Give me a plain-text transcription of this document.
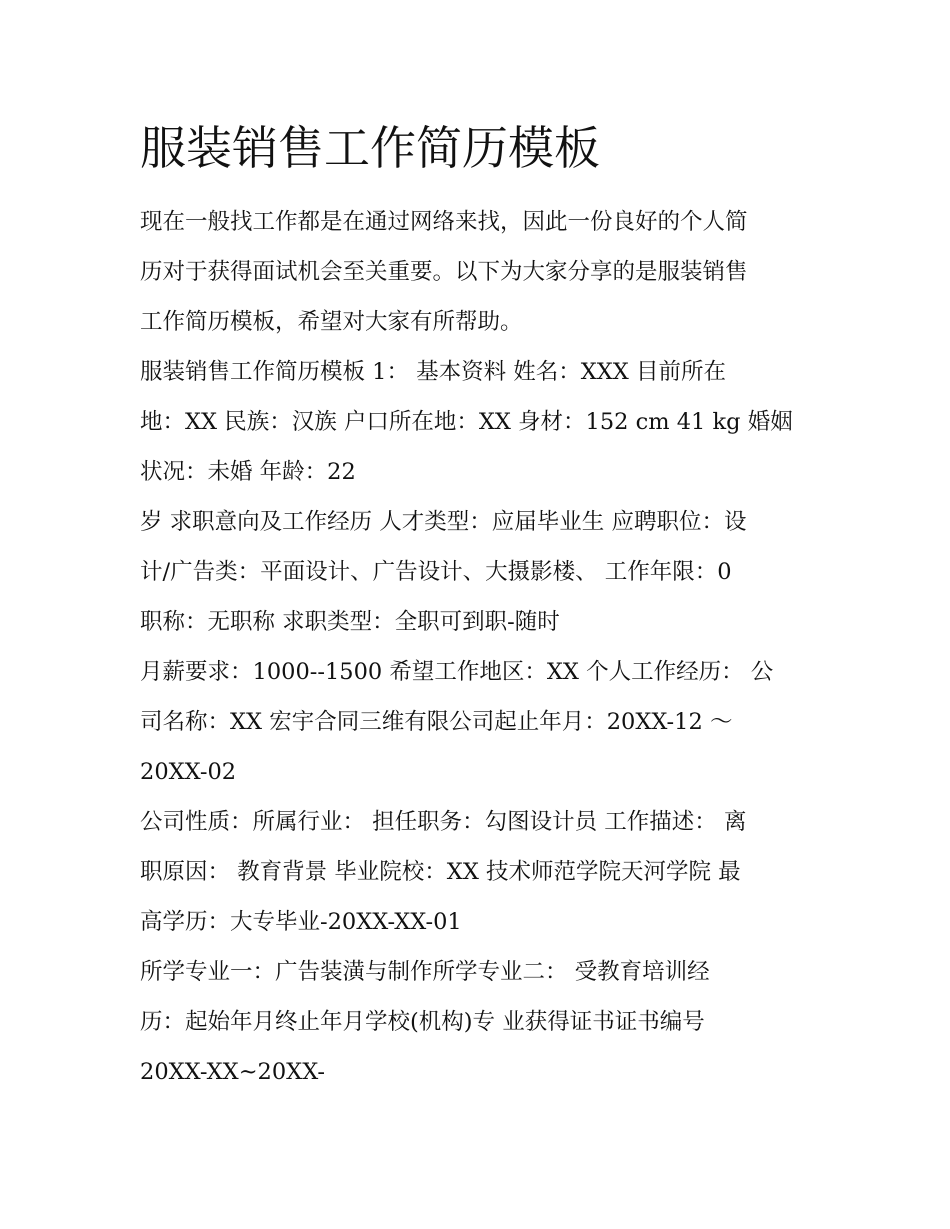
服装销售工作简历模板

现在一般找工作都是在通过网络来找，因此一份良好的个人简

历对于获得面试机会至关重要。以下为大家分享的是服装销售

工作简历模板，希望对大家有所帮助。

服装销售工作简历模板 1： 基本资料 姓名：XXX 目前所在

地：XX 民族：汉族 户口所在地：XX 身材：152 cm 41 kg 婚姻

状况：未婚 年龄：22

岁 求职意向及工作经历 人才类型：应届毕业生 应聘职位：设

计/广告类：平面设计、广告设计、大摄影楼、 工作年限：0

职称：无职称 求职类型：全职可到职-随时

月薪要求：1000--1500 希望工作地区：XX 个人工作经历： 公

司名称：XX 宏宇合同三维有限公司起止年月：20XX-12 ～

20XX-02

公司性质：所属行业： 担任职务：勾图设计员 工作描述： 离

职原因： 教育背景 毕业院校：XX 技术师范学院天河学院 最

高学历：大专毕业-20XX-XX-01

所学专业一：广告装潢与制作所学专业二： 受教育培训经

历：起始年月终止年月学校(机构)专 业获得证书证书编号

20XX-XX~20XX-
